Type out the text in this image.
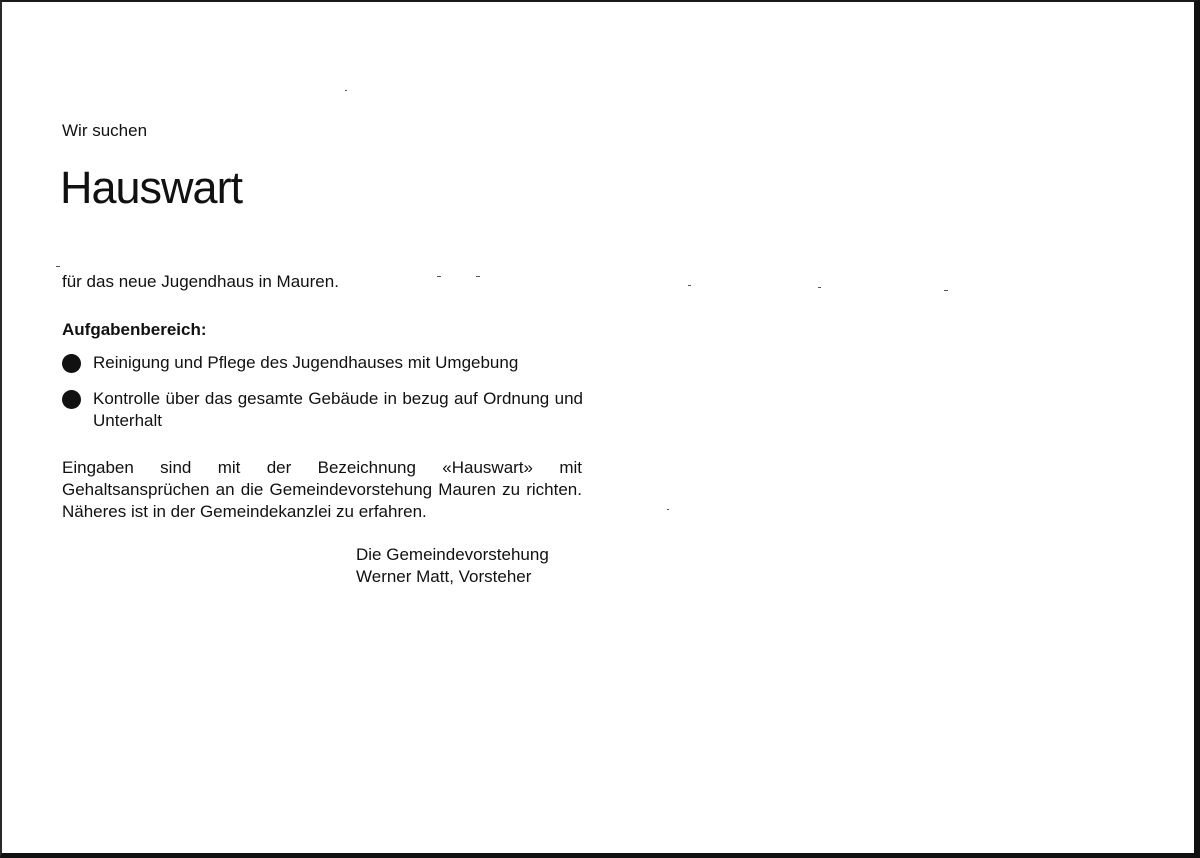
Wir suchen

Hauswart

für das neue Jugendhaus in Mauren.

Aufgabenbereich:

Reinigung und Pflege des Jugendhauses mit Umgebung
Kontrolle über das gesamte Gebäude in bezug auf Ordnung und Unterhalt

Eingaben sind mit der Bezeichnung «Hauswart» mit Gehaltsansprüchen an die Gemeindevorstehung Mauren zu richten. Näheres ist in der Gemeindekanzlei zu erfahren.

Die Gemeindevorstehung
Werner Matt, Vorsteher
